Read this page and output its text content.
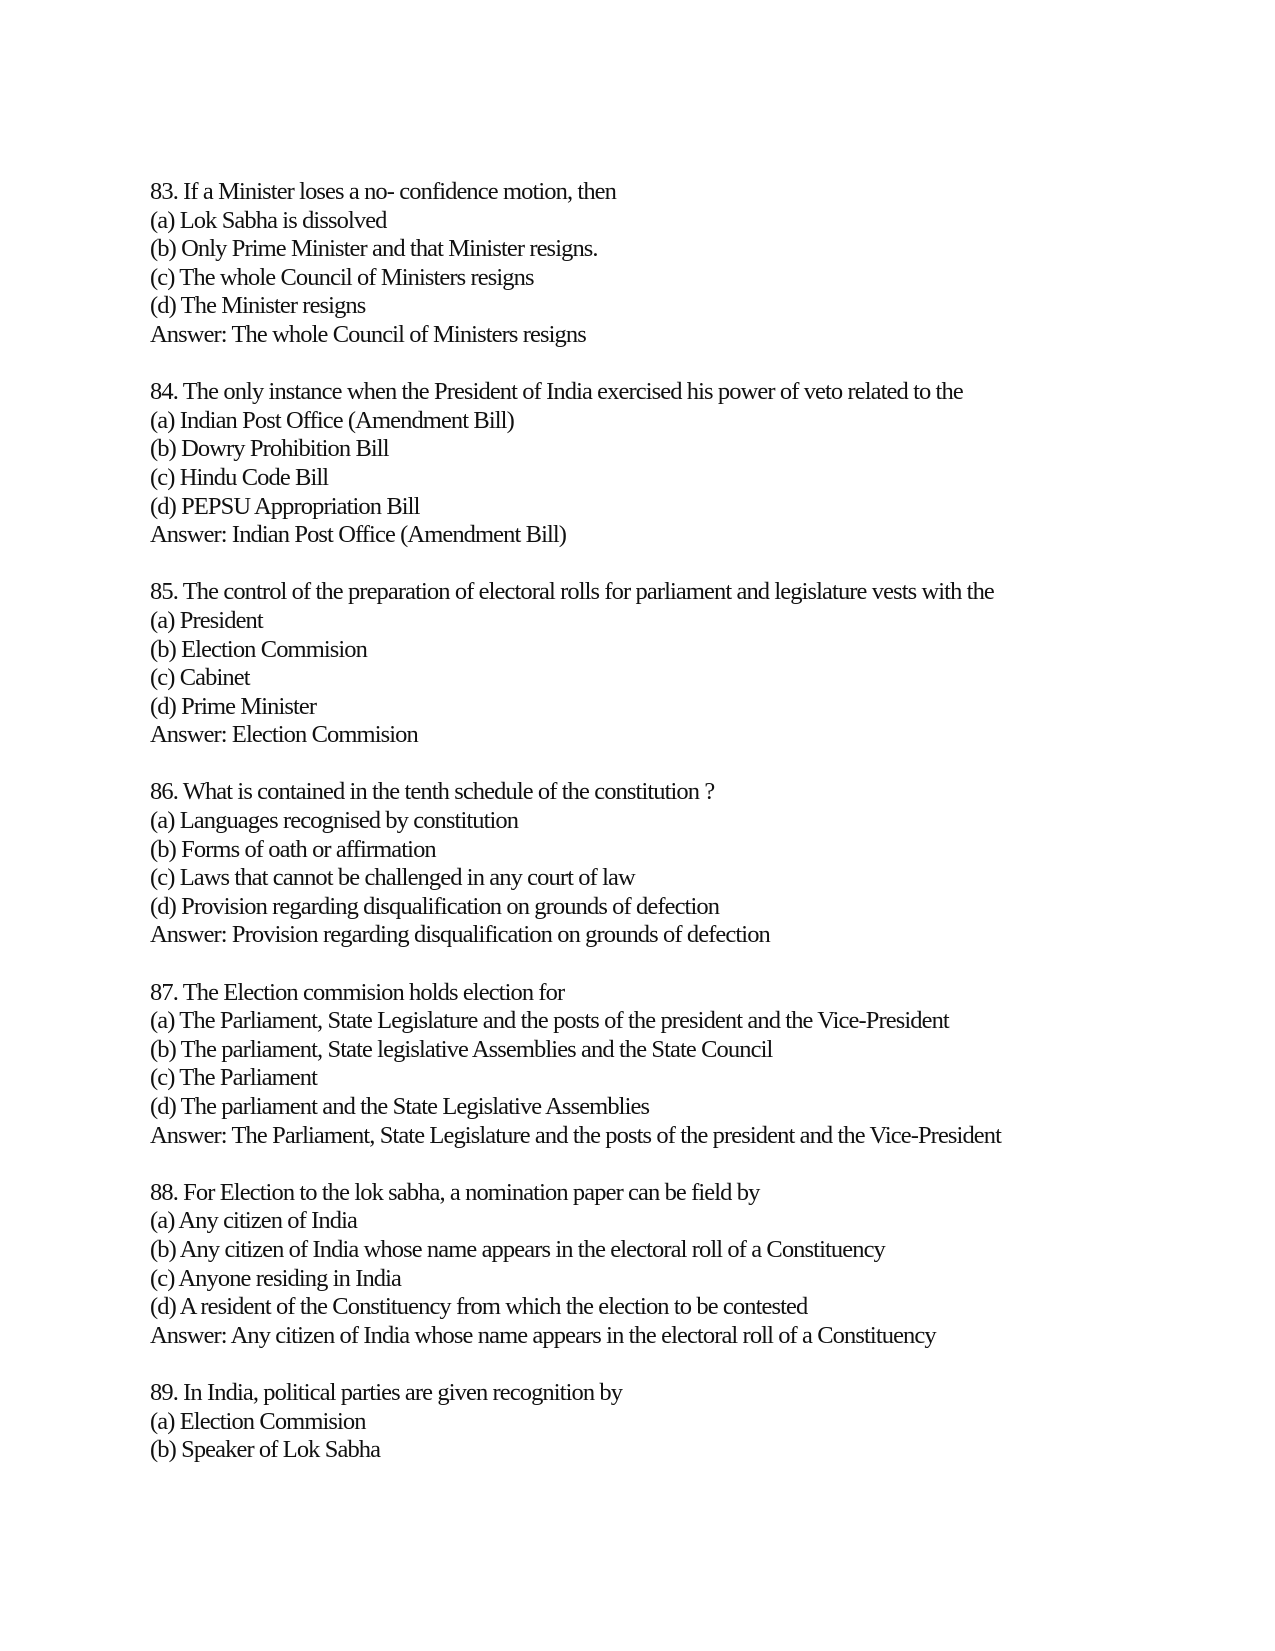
83. If a Minister loses a no- confidence motion, then
(a) Lok Sabha is dissolved
(b) Only Prime Minister and that Minister resigns.
(c) The whole Council of Ministers resigns
(d) The Minister resigns
Answer: The whole Council of Ministers resigns
84. The only instance when the President of India exercised his power of veto related to the
(a) Indian Post Office (Amendment Bill)
(b) Dowry Prohibition Bill
(c) Hindu Code Bill
(d) PEPSU Appropriation Bill
Answer: Indian Post Office (Amendment Bill)
85. The control of the preparation of electoral rolls for parliament and legislature vests with the
(a) President
(b) Election Commision
(c) Cabinet
(d) Prime Minister
Answer: Election Commision
86. What is contained in the tenth schedule of the constitution ?
(a) Languages recognised by constitution
(b) Forms of oath or affirmation
(c) Laws that cannot be challenged in any court of law
(d) Provision regarding disqualification on grounds of defection
Answer: Provision regarding disqualification on grounds of defection
87. The Election commision holds election for
(a) The Parliament, State Legislature and the posts of the president and the Vice-President
(b) The parliament, State legislative Assemblies and the State Council
(c) The Parliament
(d) The parliament and the State Legislative Assemblies
Answer: The Parliament, State Legislature and the posts of the president and the Vice-President
88. For Election to the lok sabha, a nomination paper can be field by
(a) Any citizen of India
(b) Any citizen of India whose name appears in the electoral roll of a Constituency
(c) Anyone residing in India
(d) A resident of the Constituency from which the election to be contested
Answer: Any citizen of India whose name appears in the electoral roll of a Constituency
89. In India, political parties are given recognition by
(a) Election Commision
(b) Speaker of Lok Sabha
